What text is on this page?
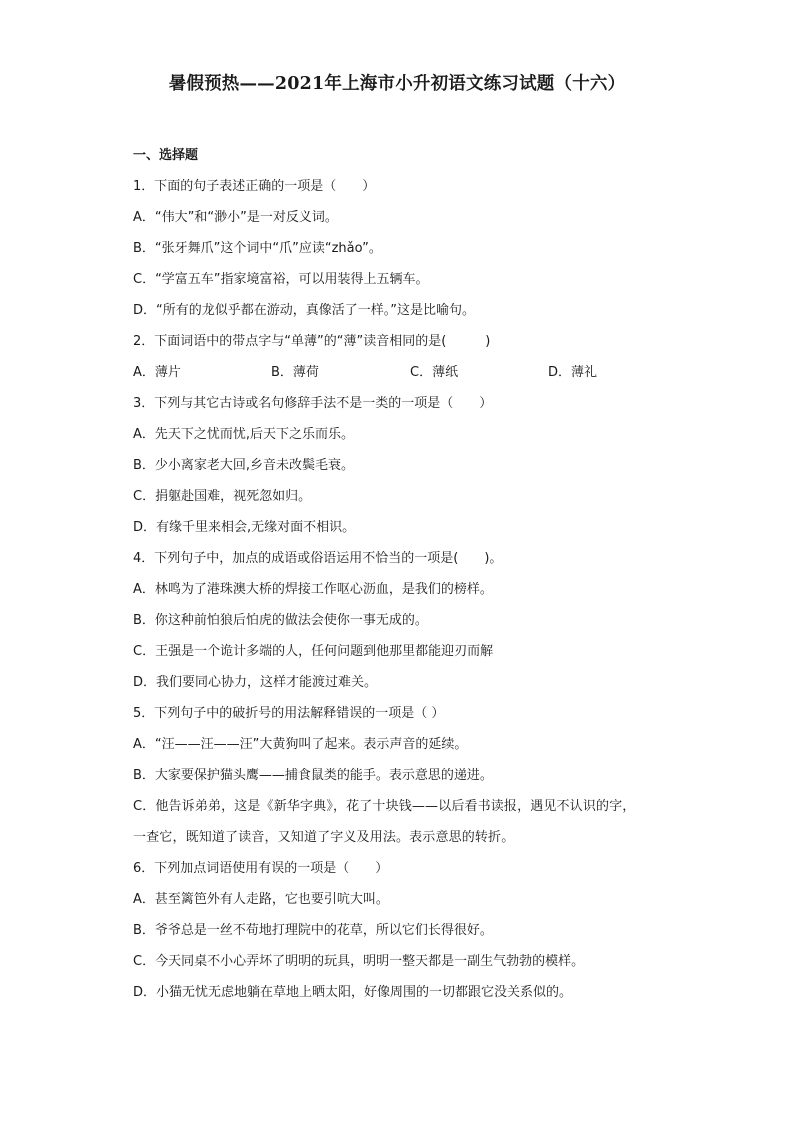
暑假预热——2021年上海市小升初语文练习试题（十六）
一、选择题
1．下面的句子表述正确的一项是（　　）
A．“伟大”和“渺小”是一对反义词。
B．“张牙舞爪”这个词中“爪”应读“zhǎo”。
C．“学富五车”指家境富裕，可以用装得上五辆车。
D．“所有的龙似乎都在游动，真像活了一样。”这是比喻句。
2．下面词语中的带点字与“单薄”的“薄”读音相同的是(　　　)
A．薄片	B．薄荷	C．薄纸	D．薄礼
3．下列与其它古诗或名句修辞手法不是一类的一项是（　　）
A．先天下之忧而忧,后天下之乐而乐。
B．少小离家老大回,乡音未改鬓毛衰。
C．捐躯赴国难，视死忽如归。
D．有缘千里来相会,无缘对面不相识。
4．下列句子中，加点的成语或俗语运用不恰当的一项是(　　)。
A．林鸣为了港珠澳大桥的焊接工作呕心沥血，是我们的榜样。
B．你这种前怕狼后怕虎的做法会使你一事无成的。
C．王强是一个诡计多端的人，任何问题到他那里都能迎刃而解
D．我们要同心协力，这样才能渡过难关。
5．下列句子中的破折号的用法解释错误的一项是（ ）
A．“汪——汪——汪”大黄狗叫了起来。表示声音的延续。
B．大家要保护猫头鹰——捕食鼠类的能手。表示意思的递进。
C．他告诉弟弟，这是《新华字典》，花了十块钱——以后看书读报，遇见不认识的字，
一查它，既知道了读音，又知道了字义及用法。表示意思的转折。
6．下列加点词语使用有误的一项是（　　）
A．甚至篱笆外有人走路，它也要引吭大叫。
B．爷爷总是一丝不苟地打理院中的花草，所以它们长得很好。
C．今天同桌不小心弄坏了明明的玩具，明明一整天都是一副生气勃勃的模样。
D．小猫无忧无虑地躺在草地上晒太阳，好像周围的一切都跟它没关系似的。
